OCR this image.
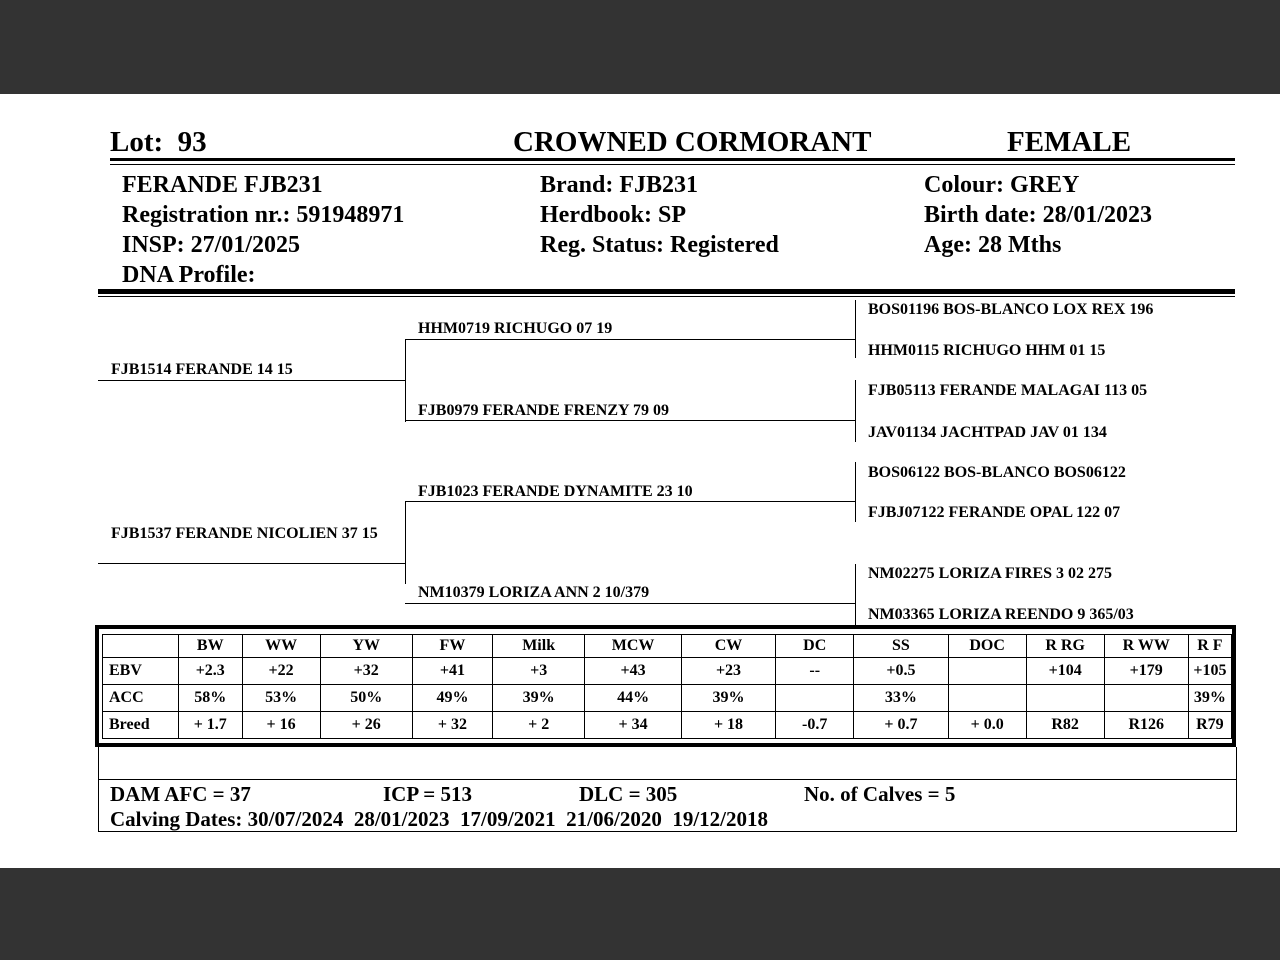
Lot: 93	CROWNED CORMORANT	FEMALE
FERANDE FJB231
Registration nr.: 591948971
INSP: 27/01/2025
DNA Profile:
Brand: FJB231
Herdbook: SP
Reg. Status: Registered
Colour: GREY
Birth date: 28/01/2023
Age: 28 Mths
FJB1514 FERANDE 14 15
FJB1537 FERANDE NICOLIEN 37 15
HHM0719 RICHUGO 07 19
FJB0979 FERANDE FRENZY 79 09
FJB1023 FERANDE DYNAMITE 23 10
NM10379 LORIZA ANN 2 10/379
BOS01196 BOS-BLANCO LOX REX 196
HHM0115 RICHUGO HHM 01 15
FJB05113 FERANDE MALAGAI 113 05
JAV01134 JACHTPAD JAV 01 134
BOS06122 BOS-BLANCO BOS06122
FJBJ07122 FERANDE OPAL 122 07
NM02275 LORIZA FIRES 3 02 275
NM03365 LORIZA REENDO 9 365/03
	BW	WW	YW	FW	Milk	MCW	CW	DC	SS	DOC	R RG	R WW	R F
EBV	+2.3	+22	+32	+41	+3	+43	+23	--	+0.5		+104	+179	+105
ACC	58%	53%	50%	49%	39%	44%	39%		33%				39%
Breed	+ 1.7	+ 16	+ 26	+ 32	+ 2	+ 34	+ 18	-0.7	+ 0.7	+ 0.0	R82	R126	R79
DAM AFC = 37	ICP = 513	DLC = 305	No. of Calves = 5
Calving Dates: 30/07/2024  28/01/2023  17/09/2021  21/06/2020  19/12/2018
